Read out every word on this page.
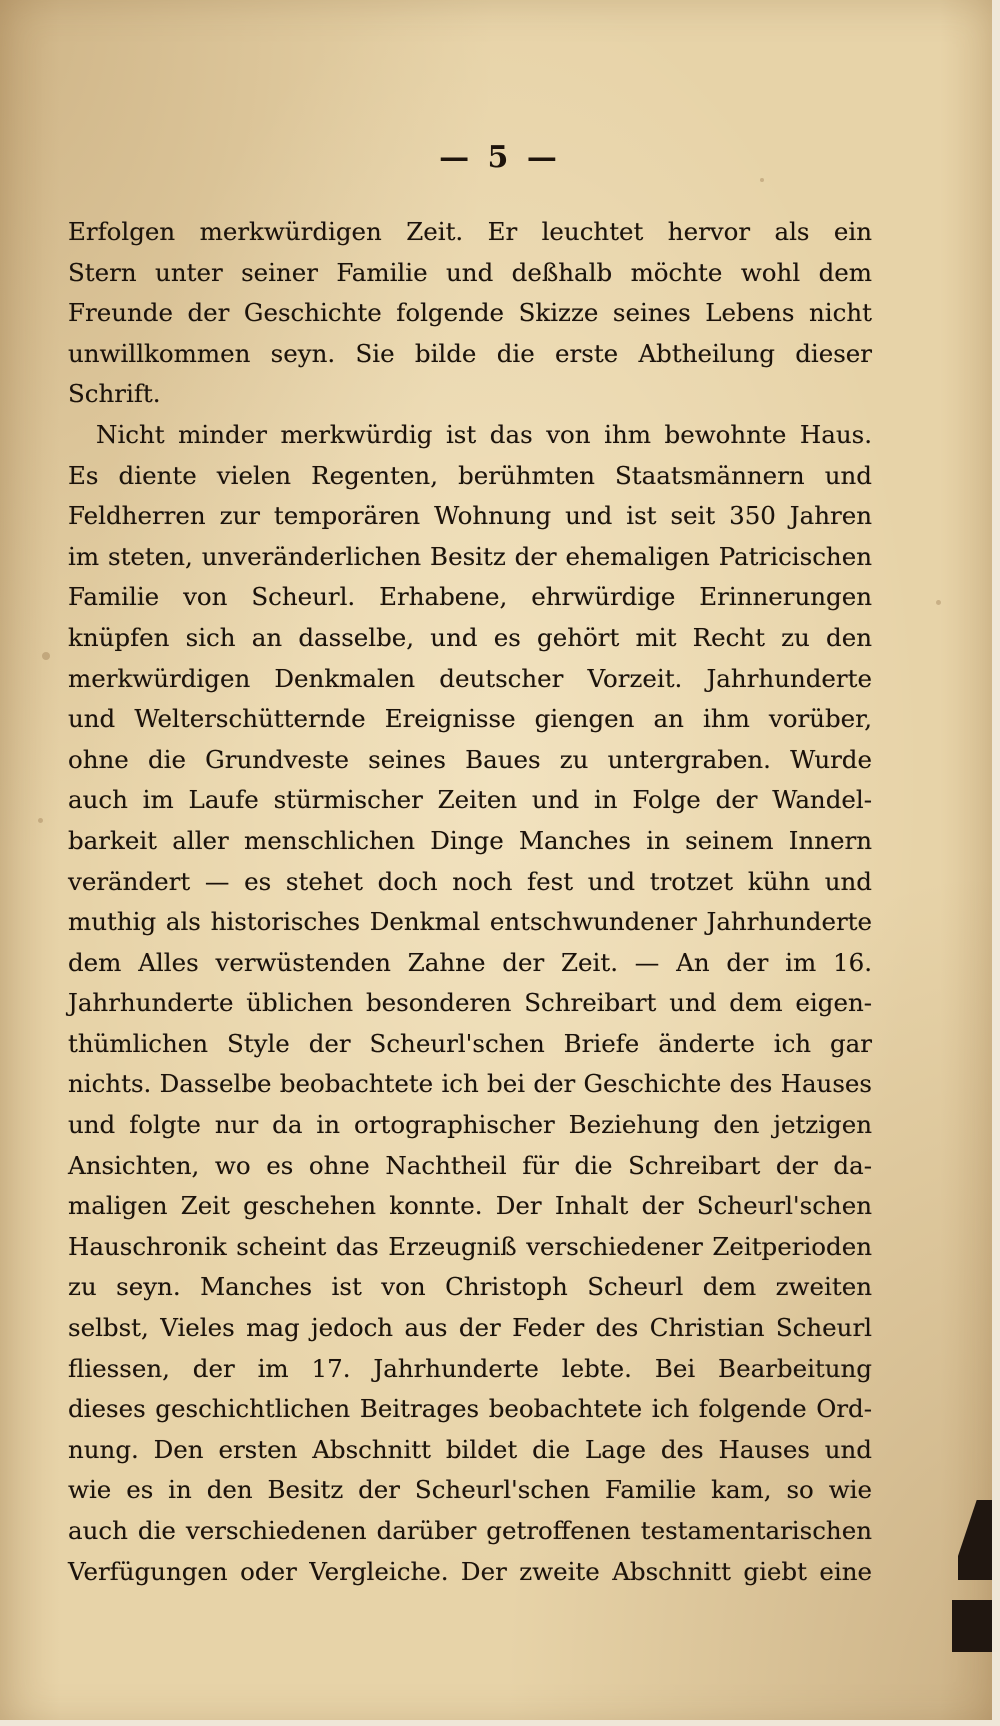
— 5 —
Erfolgen merkwürdigen Zeit. Er leuchtet hervor als ein
Stern unter seiner Familie und deßhalb möchte wohl dem
Freunde der Geschichte folgende Skizze seines Lebens nicht
unwillkommen seyn. Sie bilde die erste Abtheilung dieser
Schrift.
Nicht minder merkwürdig ist das von ihm bewohnte Haus.
Es diente vielen Regenten, berühmten Staatsmännern und
Feldherren zur temporären Wohnung und ist seit 350 Jahren
im steten, unveränderlichen Besitz der ehemaligen Patricischen
Familie von Scheurl. Erhabene, ehrwürdige Erinnerungen
knüpfen sich an dasselbe, und es gehört mit Recht zu den
merkwürdigen Denkmalen deutscher Vorzeit. Jahrhunderte
und Welterschütternde Ereignisse giengen an ihm vorüber,
ohne die Grundveste seines Baues zu untergraben. Wurde
auch im Laufe stürmischer Zeiten und in Folge der Wandel-
barkeit aller menschlichen Dinge Manches in seinem Innern
verändert — es stehet doch noch fest und trotzet kühn und
muthig als historisches Denkmal entschwundener Jahrhunderte
dem Alles verwüstenden Zahne der Zeit. — An der im 16.
Jahrhunderte üblichen besonderen Schreibart und dem eigen-
thümlichen Style der Scheurl'schen Briefe änderte ich gar
nichts. Dasselbe beobachtete ich bei der Geschichte des Hauses
und folgte nur da in ortographischer Beziehung den jetzigen
Ansichten, wo es ohne Nachtheil für die Schreibart der da-
maligen Zeit geschehen konnte. Der Inhalt der Scheurl'schen
Hauschronik scheint das Erzeugniß verschiedener Zeitperioden
zu seyn. Manches ist von Christoph Scheurl dem zweiten
selbst, Vieles mag jedoch aus der Feder des Christian Scheurl
fliessen, der im 17. Jahrhunderte lebte. Bei Bearbeitung
dieses geschichtlichen Beitrages beobachtete ich folgende Ord-
nung. Den ersten Abschnitt bildet die Lage des Hauses und
wie es in den Besitz der Scheurl'schen Familie kam, so wie
auch die verschiedenen darüber getroffenen testamentarischen
Verfügungen oder Vergleiche. Der zweite Abschnitt giebt eine
